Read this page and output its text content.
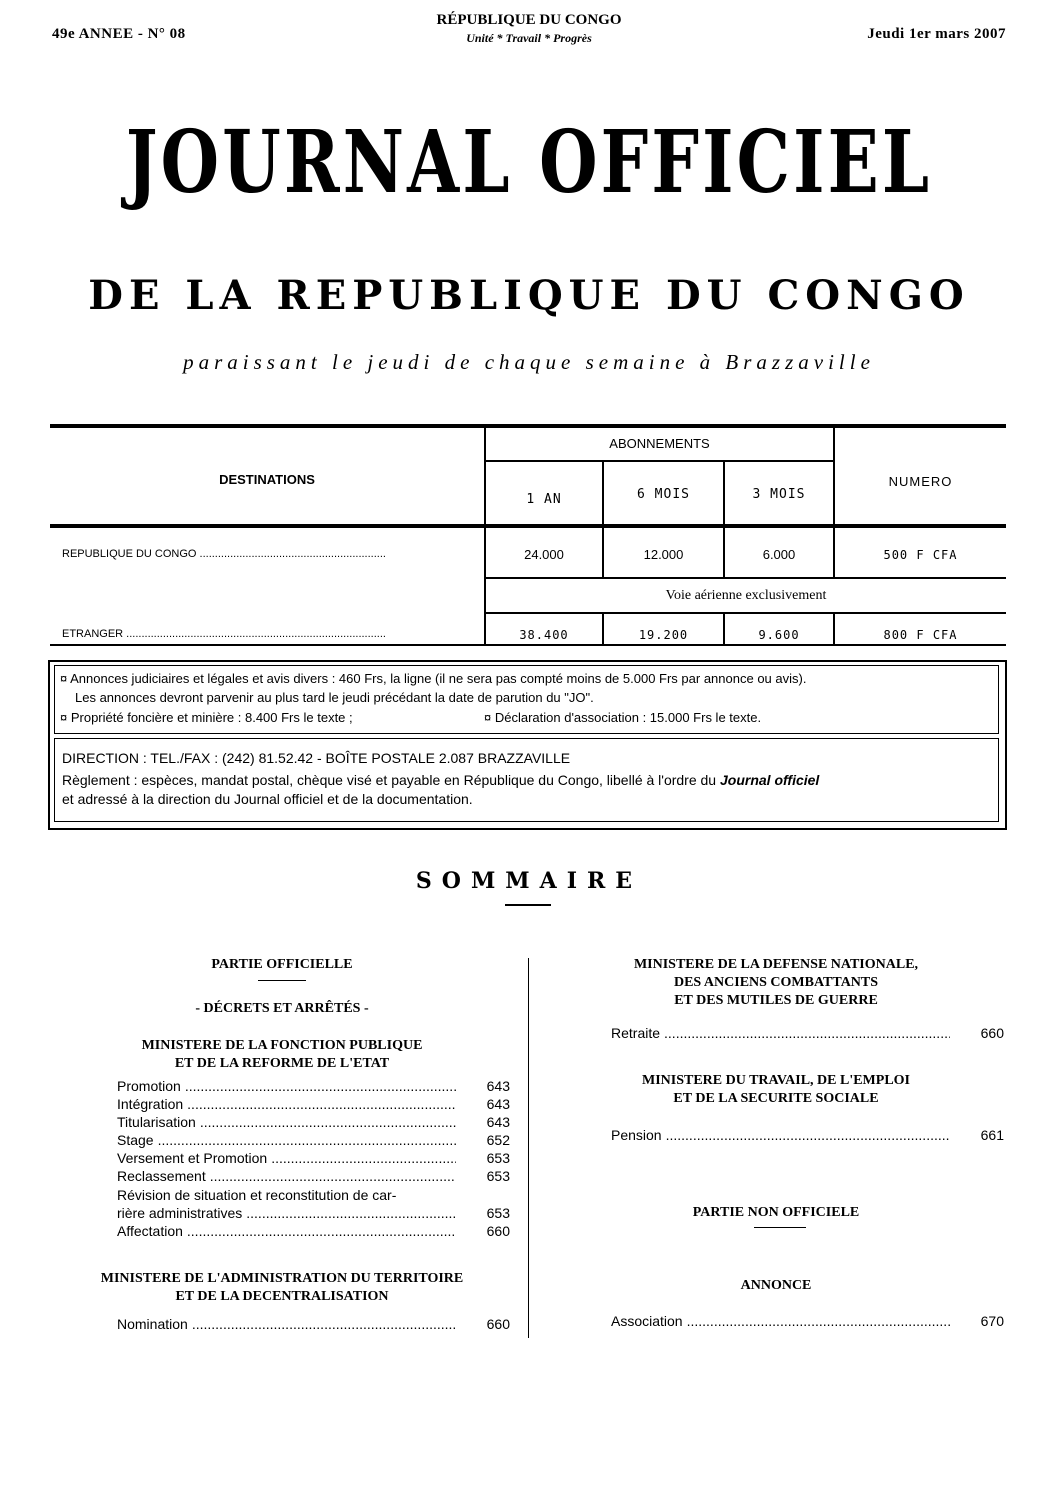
49e ANNEE - N° 08
RÉPUBLIQUE DU CONGO
Unité * Travail * Progrès	Jeudi 1er mars 2007
JOURNAL OFFICIEL
DE LA REPUBLIQUE DU CONGO
paraissant le jeudi de chaque semaine à Brazzaville
DESTINATIONS
ABONNEMENTS
NUMERO
1 AN	6 MOIS	3 MOIS
REPUBLIQUE DU CONGO .............................................................	24.000	12.000	6.000	500 F CFA
Voie aérienne exclusivement
ETRANGER .....................................................................................	38.400	19.200	9.600	800 F CFA
¤ Annonces judiciaires et légales et avis divers : 460 Frs, la ligne (il ne sera pas compté moins de 5.000 Frs par annonce ou avis).
Les annonces devront parvenir au plus tard le jeudi précédant la date de parution du "JO".
¤ Propriété foncière et minière : 8.400 Frs le texte ;	¤ Déclaration d'association : 15.000 Frs le texte.
DIRECTION : TEL./FAX : (242) 81.52.42 - BOÎTE POSTALE 2.087 BRAZZAVILLE
Règlement : espèces, mandat postal, chèque visé et payable en République du Congo, libellé à l'ordre du Journal officiel
et adressé à la direction du Journal officiel et de la documentation.
SOMMAIRE
PARTIE OFFICIELLE
- DÉCRETS ET ARRÊTÉS -
MINISTERE DE LA FONCTION PUBLIQUE
ET DE LA REFORME DE L'ETAT
Promotion .....	643
Intégration .....	643
Titularisation .....	643
Stage .....	652
Versement et Promotion .....	653
Reclassement .....	653
Révision de situation et reconstitution de car-
rière administratives .....	653
Affectation .....	660
MINISTERE DE L'ADMINISTRATION DU TERRITOIRE
ET DE LA DECENTRALISATION
Nomination .....	660
MINISTERE DE LA DEFENSE NATIONALE,
DES ANCIENS COMBATTANTS
ET DES MUTILES DE GUERRE
Retraite .....	660
MINISTERE DU TRAVAIL, DE L'EMPLOI
ET DE LA SECURITE SOCIALE
Pension .....	661
PARTIE NON OFFICIELE
ANNONCE
Association .....	670
